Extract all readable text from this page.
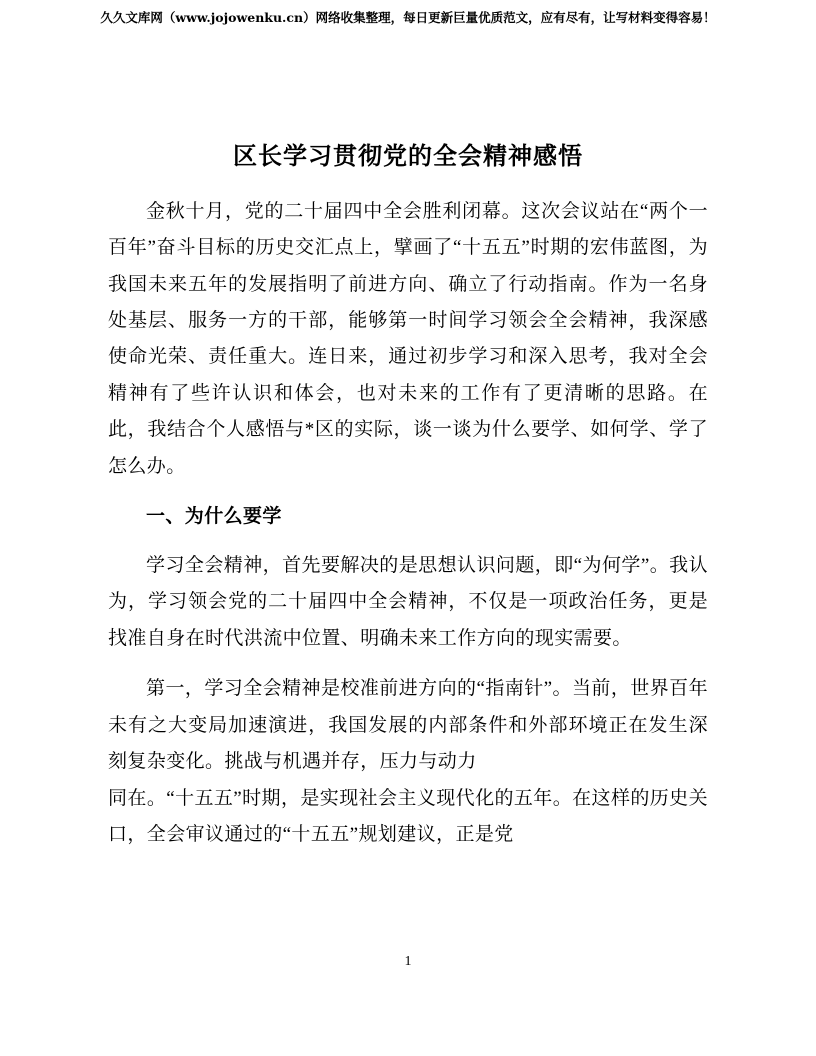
久久文库网（www.jojowenku.cn）网络收集整理，每日更新巨量优质范文，应有尽有，让写材料变得容易！
区长学习贯彻党的全会精神感悟

金秋十月，党的二十届四中全会胜利闭幕。这次会议站在“两个一百年”奋斗目标的历史交汇点上，擘画了“十五五”时期的宏伟蓝图，为我国未来五年的发展指明了前进方向、确立了行动指南。作为一名身处基层、服务一方的干部，能够第一时间学习领会全会精神，我深感使命光荣、责任重大。连日来，通过初步学习和深入思考，我对全会精神有了些许认识和体会，也对未来的工作有了更清晰的思路。在此，我结合个人感悟与*区的实际，谈一谈为什么要学、如何学、学了怎么办。

一、为什么要学

学习全会精神，首先要解决的是思想认识问题，即“为何学”。我认为，学习领会党的二十届四中全会精神，不仅是一项政治任务，更是找准自身在时代洪流中位置、明确未来工作方向的现实需要。

第一，学习全会精神是校准前进方向的“指南针”。当前，世界百年未有之大变局加速演进，我国发展的内部条件和外部环境正在发生深刻复杂变化。挑战与机遇并存，压力与动力

同在。“十五五”时期，是实现社会主义现代化的五年。在这样的历史关口，全会审议通过的“十五五”规划建议，正是党

1
